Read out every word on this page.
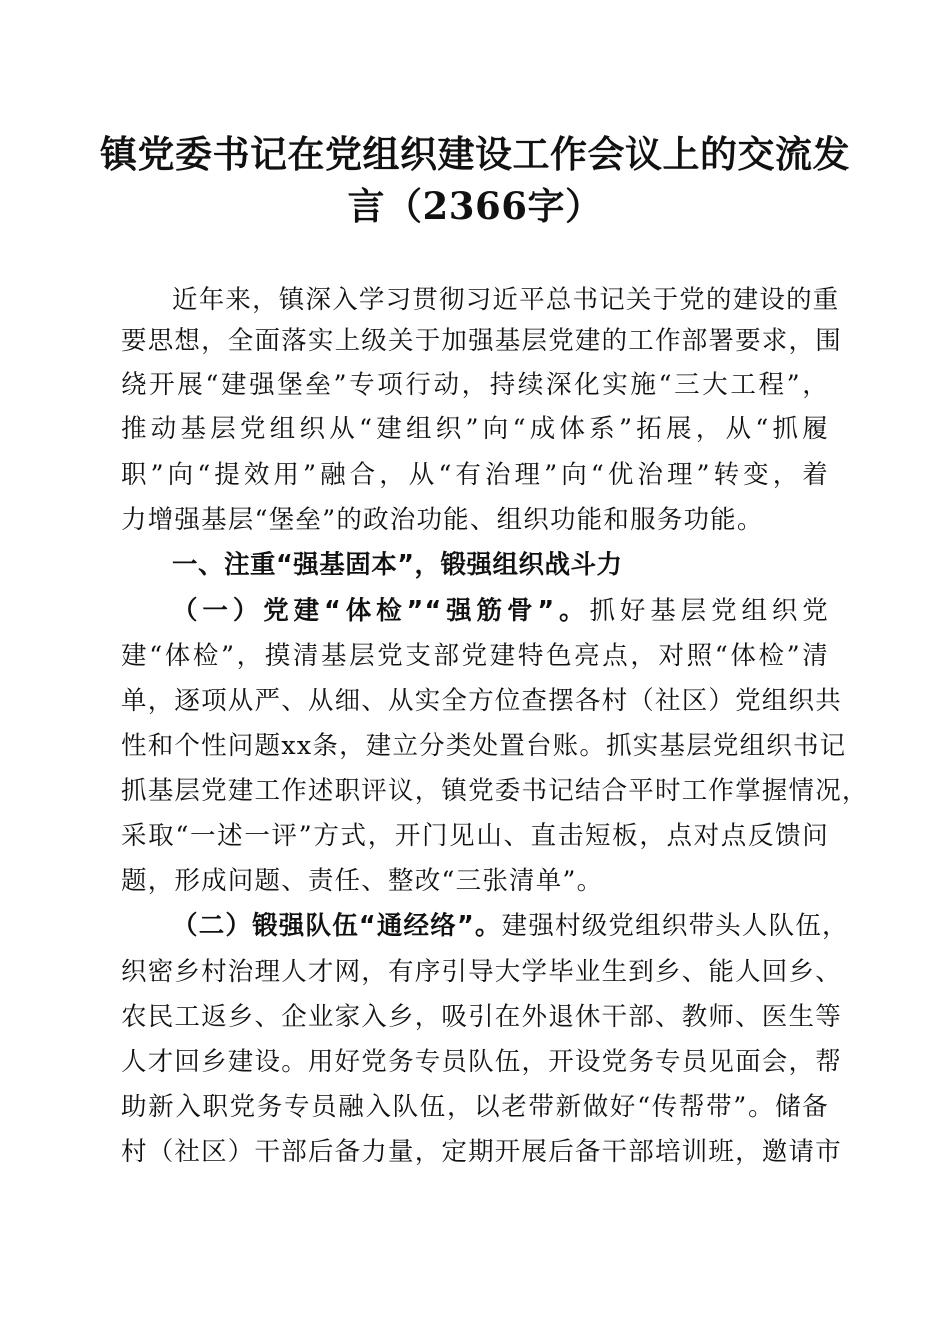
镇党委书记在党组织建设工作会议上的交流发
言（2366字）
近年来，镇深入学习贯彻习近平总书记关于党的建设的重
要思想，全面落实上级关于加强基层党建的工作部署要求，围
绕开展“建强堡垒”专项行动，持续深化实施“三大工程”，
推动基层党组织从“建组织”向“成体系”拓展，从“抓履
职”向“提效用”融合，从“有治理”向“优治理”转变，着
力增强基层“堡垒”的政治功能、组织功能和服务功能。
一、注重“强基固本”，锻强组织战斗力
（一）党建“体检”“强筋骨”。抓好基层党组织党
建“体检”，摸清基层党支部党建特色亮点，对照“体检”清
单，逐项从严、从细、从实全方位查摆各村（社区）党组织共
性和个性问题xx条，建立分类处置台账。抓实基层党组织书记
抓基层党建工作述职评议，镇党委书记结合平时工作掌握情况，
采取“一述一评”方式，开门见山、直击短板，点对点反馈问
题，形成问题、责任、整改“三张清单”。
（二）锻强队伍“通经络”。建强村级党组织带头人队伍，
织密乡村治理人才网，有序引导大学毕业生到乡、能人回乡、
农民工返乡、企业家入乡，吸引在外退休干部、教师、医生等
人才回乡建设。用好党务专员队伍，开设党务专员见面会，帮
助新入职党务专员融入队伍，以老带新做好“传帮带”。储备
村（社区）干部后备力量，定期开展后备干部培训班，邀请市
